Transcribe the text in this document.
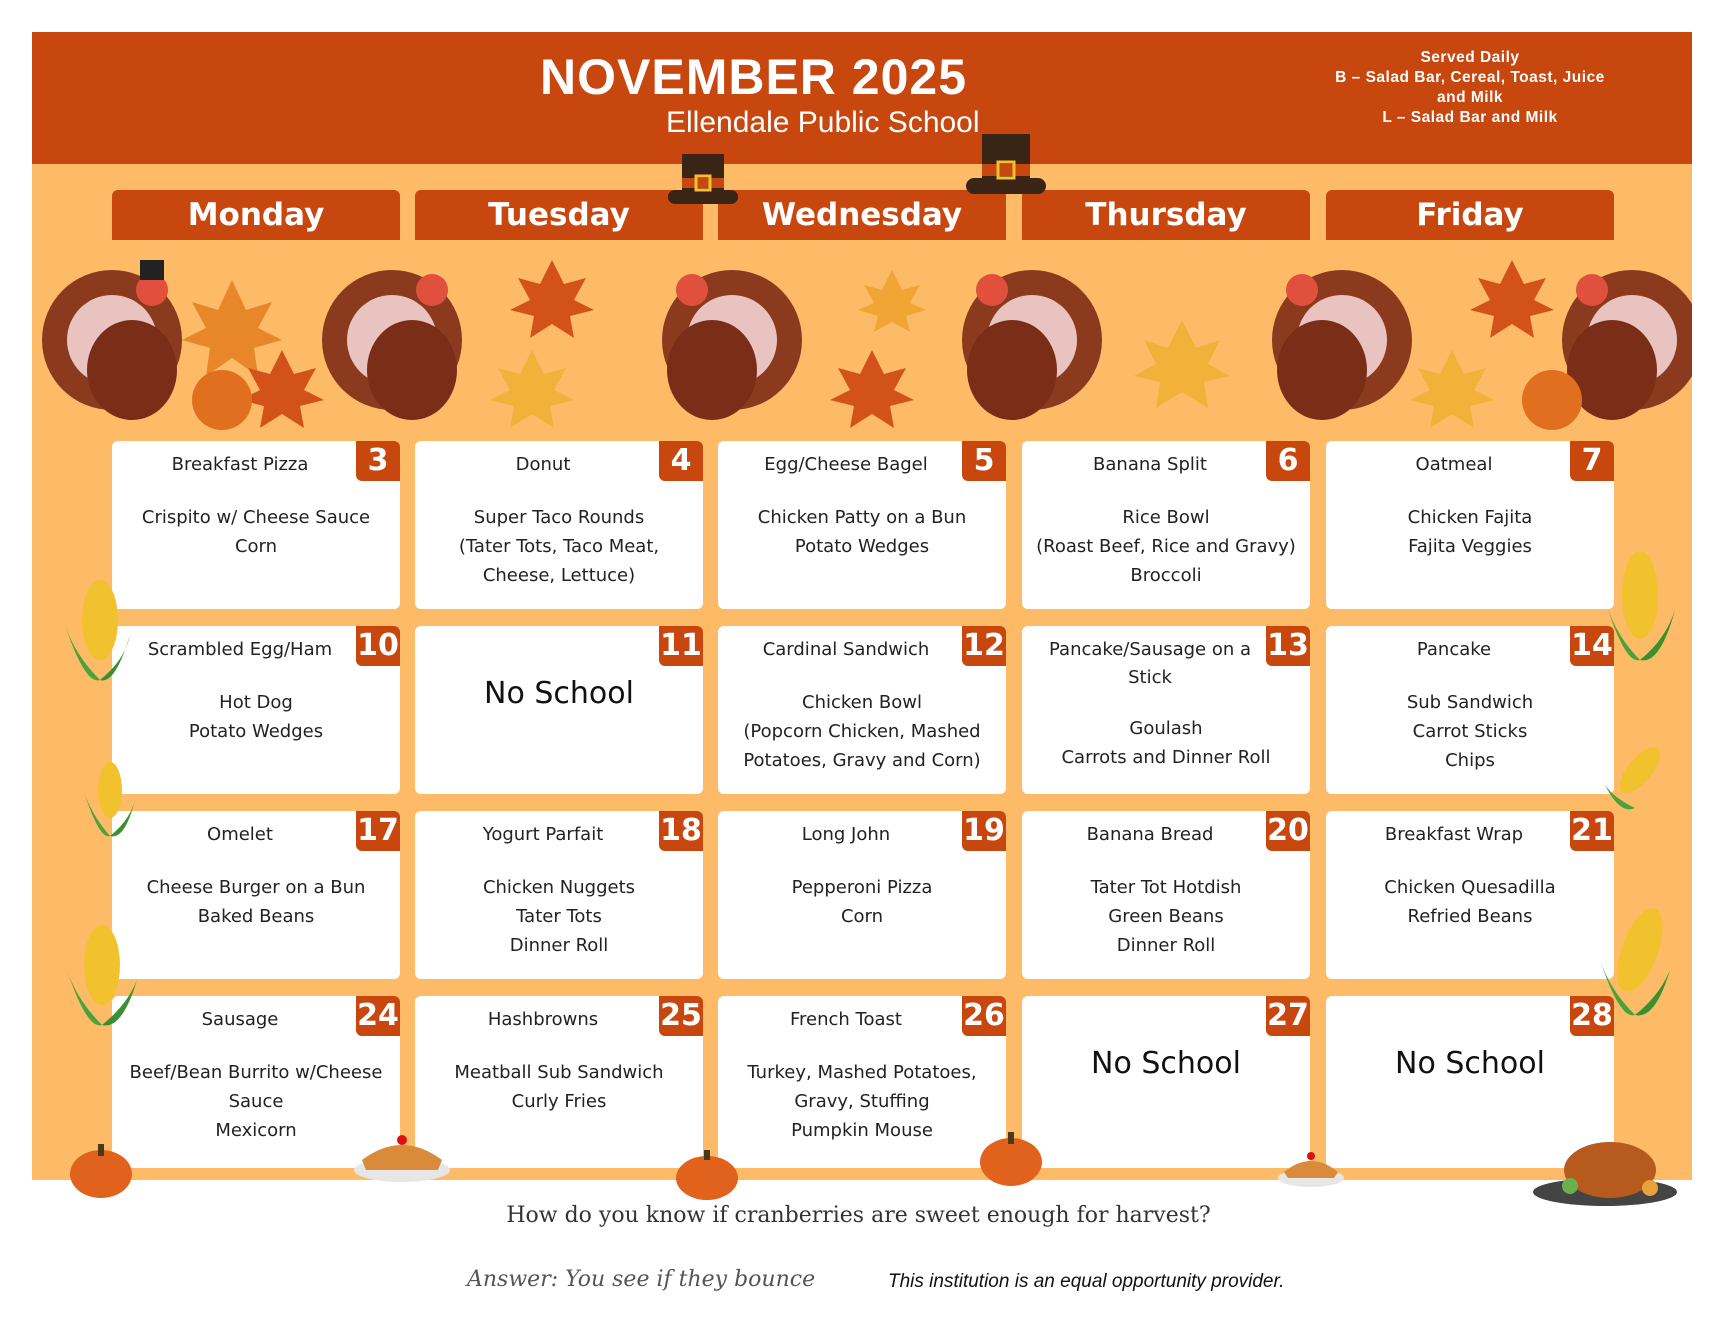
NOVEMBER 2025
Ellendale Public School
Served Daily
B – Salad Bar, Cereal, Toast, Juice
and Milk
L – Salad Bar and Milk
Monday	Tuesday	Wednesday	Thursday	Friday
3
Breakfast Pizza
Crispito w/ Cheese Sauce
Corn
4
Donut
Super Taco Rounds
(Tater Tots, Taco Meat,
Cheese, Lettuce)
5
Egg/Cheese Bagel
Chicken Patty on a Bun
Potato Wedges
6
Banana Split
Rice Bowl
(Roast Beef, Rice and Gravy)
Broccoli
7
Oatmeal
Chicken Fajita
Fajita Veggies
10
Scrambled Egg/Ham
Hot Dog
Potato Wedges
11
No School
12
Cardinal Sandwich
Chicken Bowl
(Popcorn Chicken, Mashed
Potatoes, Gravy and Corn)
13
Pancake/Sausage on a Stick
Goulash
Carrots and Dinner Roll
14
Pancake
Sub Sandwich
Carrot Sticks
Chips
17
Omelet
Cheese Burger on a Bun
Baked Beans
18
Yogurt Parfait
Chicken Nuggets
Tater Tots
Dinner Roll
19
Long John
Pepperoni Pizza
Corn
20
Banana Bread
Tater Tot Hotdish
Green Beans
Dinner Roll
21
Breakfast Wrap
Chicken Quesadilla
Refried Beans
24
Sausage
Beef/Bean Burrito w/Cheese
Sauce
Mexicorn
25
Hashbrowns
Meatball Sub Sandwich
Curly Fries
26
French Toast
Turkey, Mashed Potatoes,
Gravy, Stuffing
Pumpkin Mouse
27
No School
28
No School
How do you know if cranberries are sweet enough for harvest?
Answer: You see if they bounce	This institution is an equal opportunity provider.
